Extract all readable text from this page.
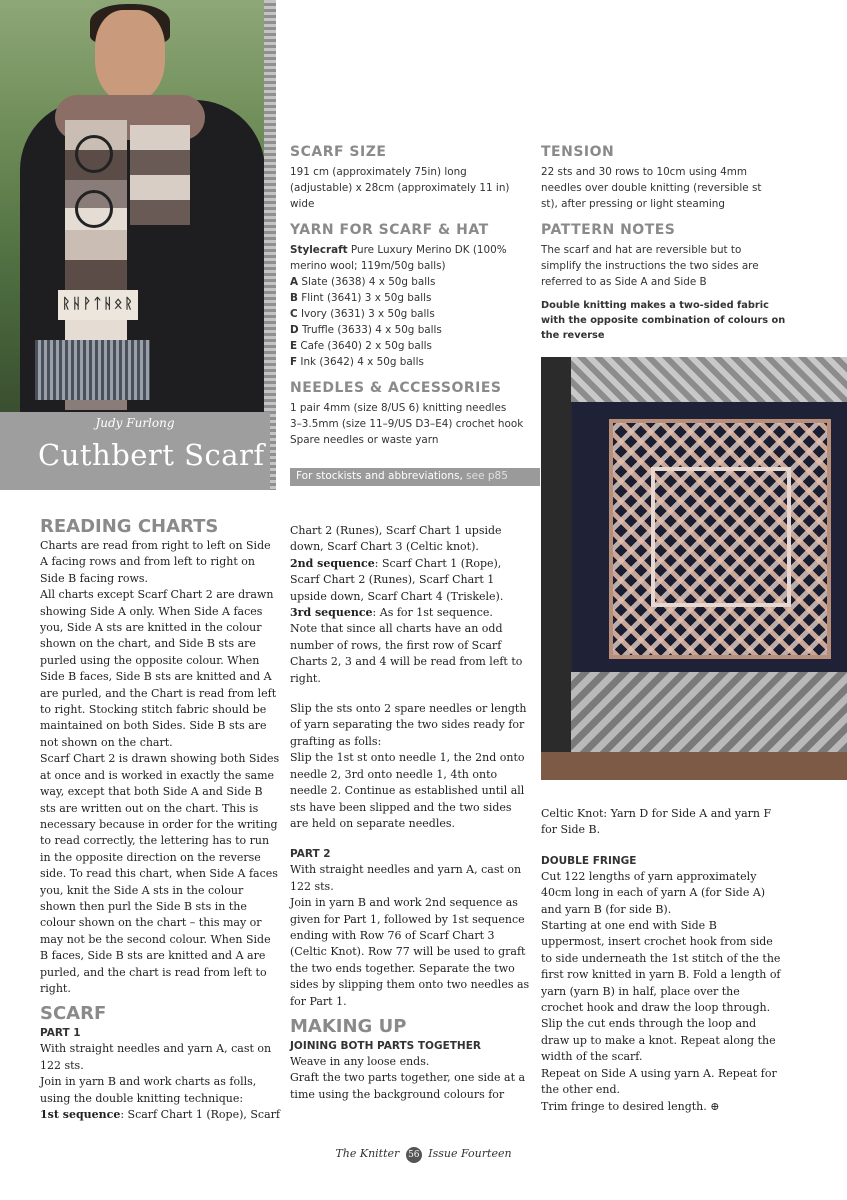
ᚱᚺᚹᛏᚺᛟᚱ
Judy Furlong
Cuthbert Scarf
SCARF SIZE
191 cm (approximately 75in) long (adjustable) x 28cm (approximately 11 in) wide
YARN FOR SCARF & HAT
Stylecraft Pure Luxury Merino DK (100% merino wool; 119m/50g balls)
A Slate (3638) 4 x 50g balls
B Flint (3641) 3 x 50g balls
C Ivory (3631) 3 x 50g balls
D Truffle (3633) 4 x 50g balls
E Cafe (3640) 2 x 50g balls
F Ink (3642) 4 x 50g balls
NEEDLES & ACCESSORIES
1 pair 4mm (size 8/US 6) knitting needles
3–3.5mm (size 11–9/US D3–E4) crochet hook
Spare needles or waste yarn
For stockists and abbreviations, see p85
TENSION
22 sts and 30 rows to 10cm using 4mm needles over double knitting (reversible st st), after pressing or light steaming
PATTERN NOTES
The scarf and hat are reversible but to simplify the instructions the two sides are referred to as Side A and Side B
Double knitting makes a two-sided fabric with the opposite combination of colours on the reverse
READING CHARTS

Charts are read from right to left on Side A facing rows and from left to right on Side B facing rows.

All charts except Scarf Chart 2 are drawn showing Side A only. When Side A faces you, Side A sts are knitted in the colour shown on the chart, and Side B sts are purled using the opposite colour. When Side B faces, Side B sts are knitted and A are purled, and the Chart is read from left to right. Stocking stitch fabric should be maintained on both Sides. Side B sts are not shown on the chart.

Scarf Chart 2 is drawn showing both Sides at once and is worked in exactly the same way, except that both Side A and Side B sts are written out on the chart. This is necessary because in order for the writing to read correctly, the lettering has to run in the opposite direction on the reverse side. To read this chart, when Side A faces you, knit the Side A sts in the colour shown then purl the Side B sts in the colour shown on the chart – this may or may not be the second colour. When Side B faces, Side B sts are knitted and A are purled, and the chart is read from left to right.

SCARF
PART 1

With straight needles and yarn A, cast on 122 sts.

Join in yarn B and work charts as folls, using the double knitting technique:

1st sequence: Scarf Chart 1 (Rope), Scarf

Chart 2 (Runes), Scarf Chart 1 upside down, Scarf Chart 3 (Celtic knot).

2nd sequence: Scarf Chart 1 (Rope), Scarf Chart 2 (Runes), Scarf Chart 1 upside down, Scarf Chart 4 (Triskele).

3rd sequence: As for 1st sequence.

Note that since all charts have an odd number of rows, the first row of Scarf Charts 2, 3 and 4 will be read from left to right.

Slip the sts onto 2 spare needles or length of yarn separating the two sides ready for grafting as folls:

Slip the 1st st onto needle 1, the 2nd onto needle 2, 3rd onto needle 1, 4th onto needle 2. Continue as established until all sts have been slipped and the two sides are held on separate needles.

PART 2

With straight needles and yarn A, cast on 122 sts.

Join in yarn B and work 2nd sequence as given for Part 1, followed by 1st sequence ending with Row 76 of Scarf Chart 3 (Celtic Knot). Row 77 will be used to graft the two ends together. Separate the two sides by slipping them onto two needles as for Part 1.

MAKING UP
JOINING BOTH PARTS TOGETHER

Weave in any loose ends.

Graft the two parts together, one side at a time using the background colours for

Celtic Knot: Yarn D for Side A and yarn F for Side B.

DOUBLE FRINGE

Cut 122 lengths of yarn approximately 40cm long in each of yarn A (for Side A) and yarn B (for side B).

Starting at one end with Side B uppermost, insert crochet hook from side to side underneath the 1st stitch of the the first row knitted in yarn B. Fold a length of yarn (yarn B) in half, place over the crochet hook and draw the loop through. Slip the cut ends through the loop and draw up to make a knot. Repeat along the width of the scarf.

Repeat on Side A using yarn A. Repeat for the other end.

Trim fringe to desired length. ⊕

The Knitter 56 Issue Fourteen
